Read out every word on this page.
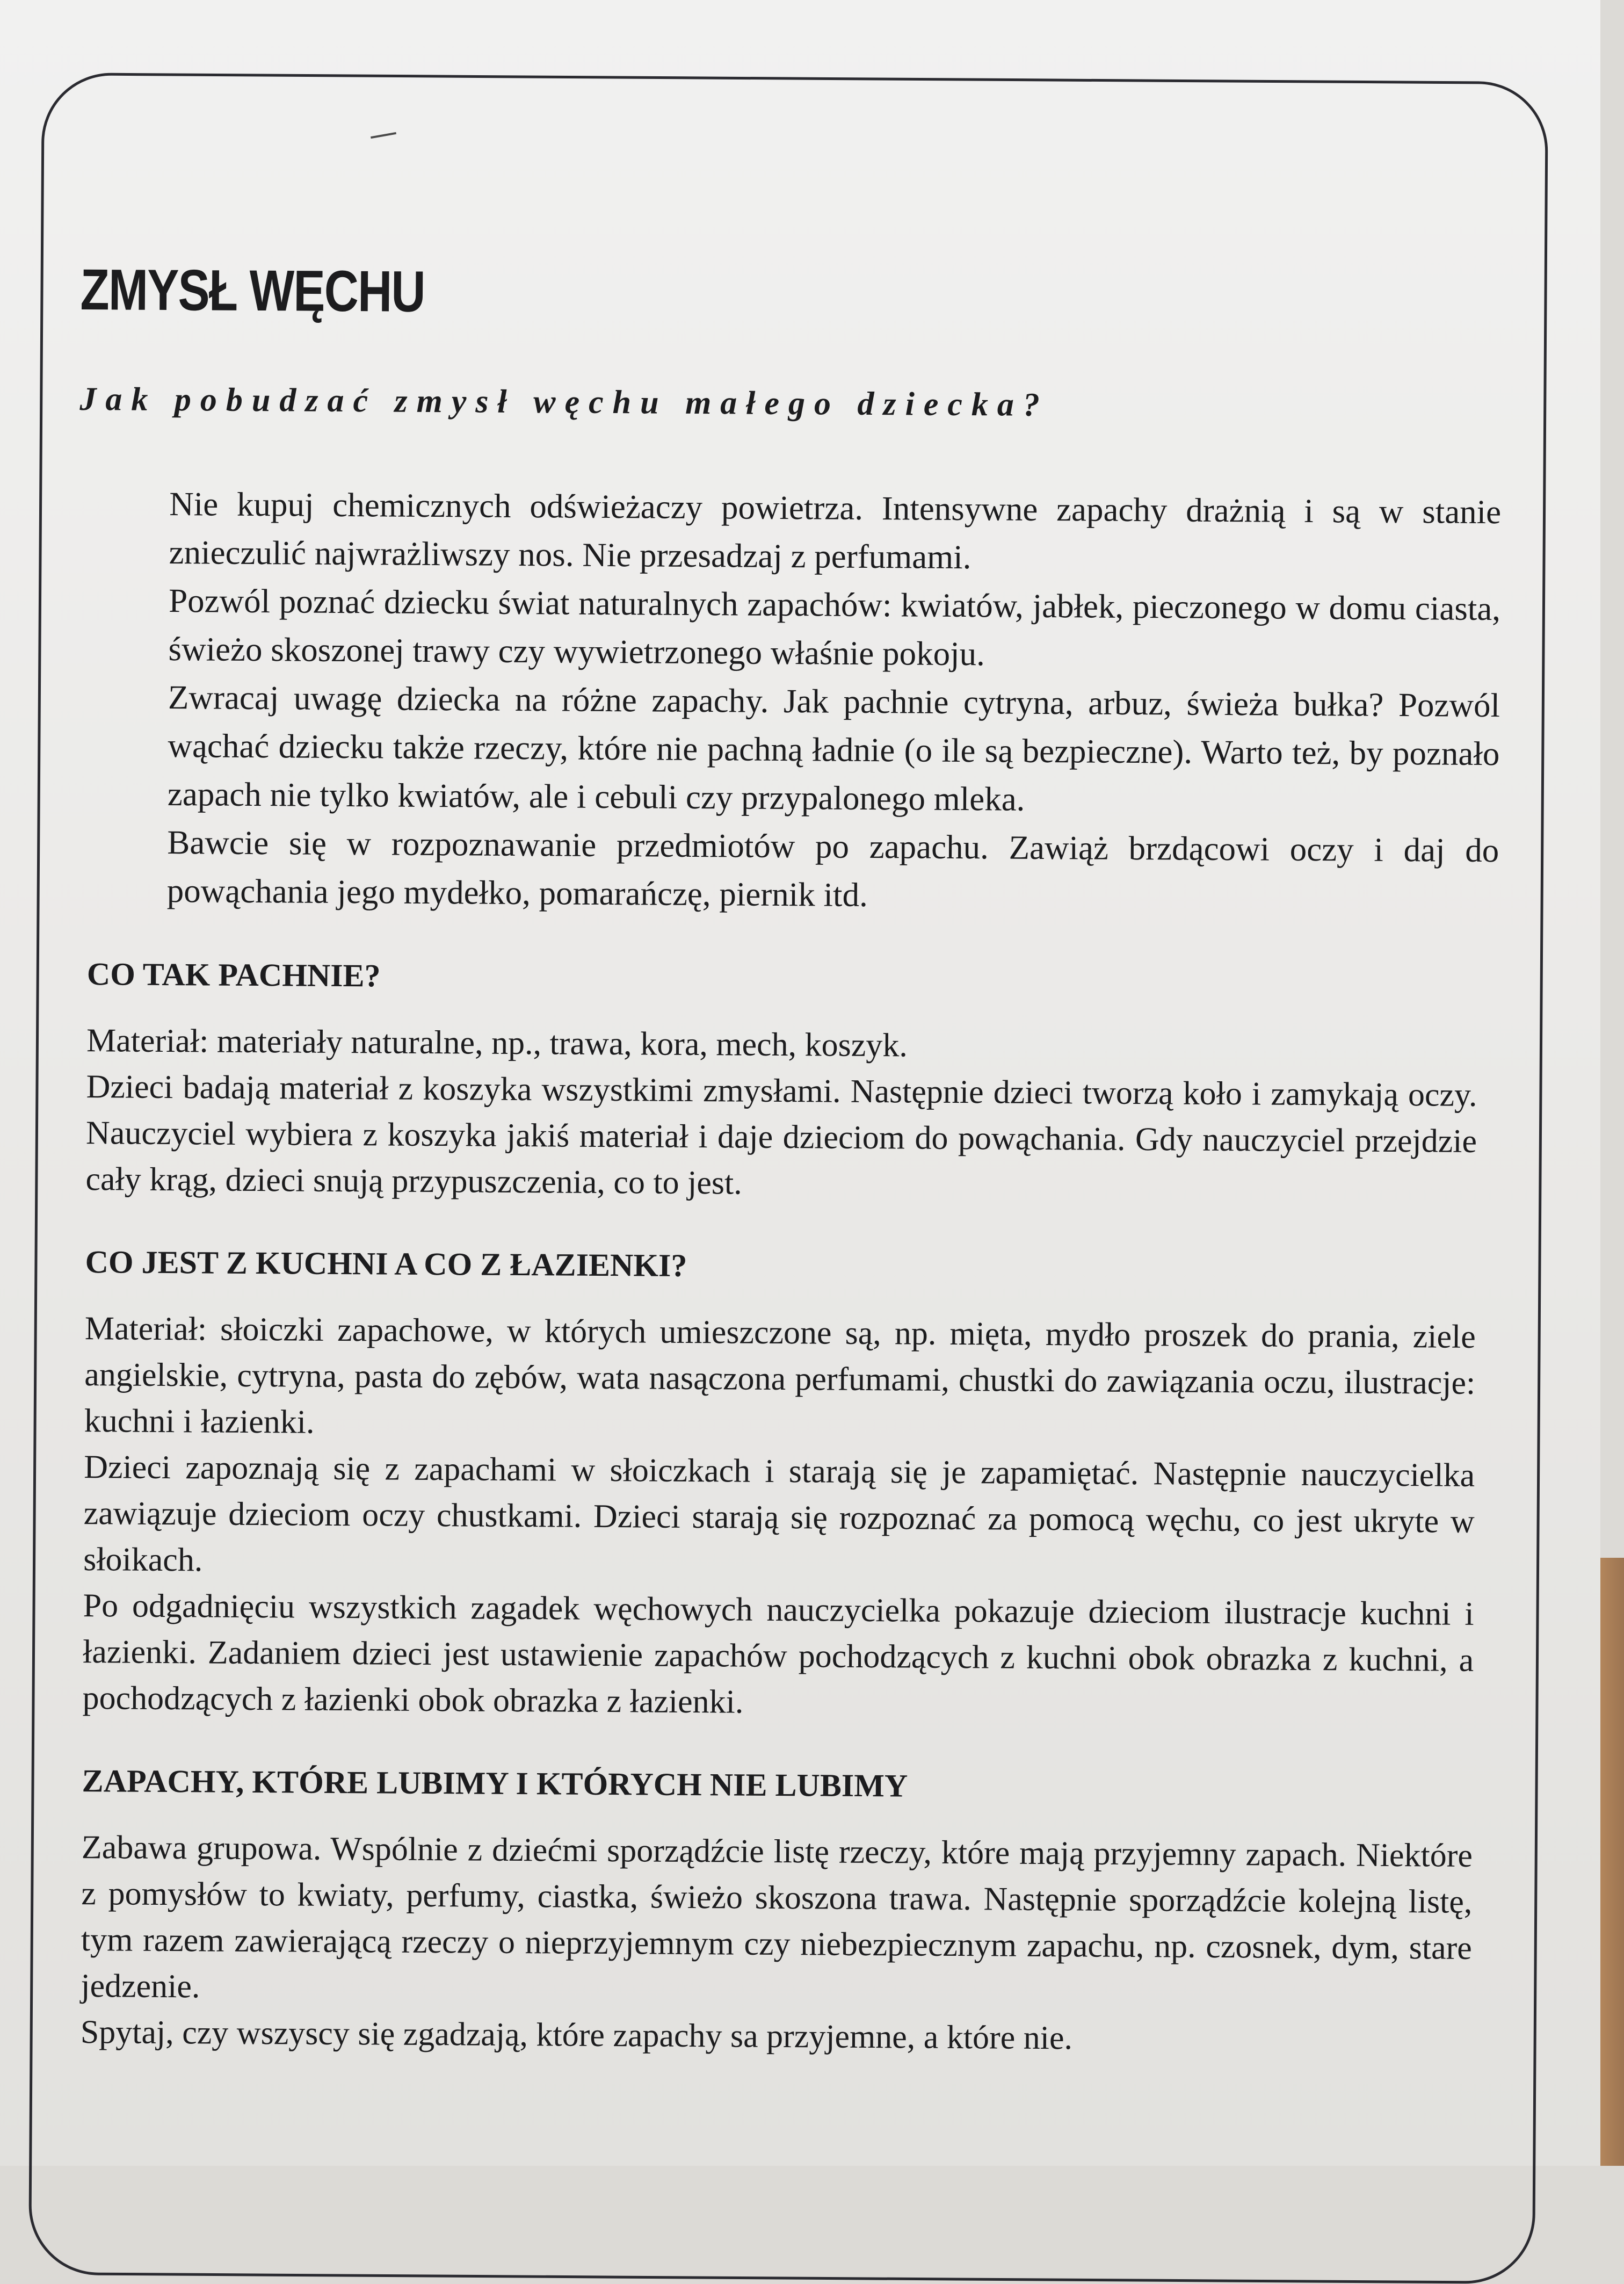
ZMYSŁ WĘCHU
Jak pobudzać zmysł węchu małego dziecka?

Nie kupuj chemicznych odświeżaczy powietrza. Intensywne zapachy drażnią i są w stanie znieczulić najwrażliwszy nos. Nie przesadzaj z perfumami.

Pozwól poznać dziecku świat naturalnych zapachów: kwiatów, jabłek, pieczonego w domu ciasta, świeżo skoszonej trawy czy wywietrzonego właśnie pokoju.

Zwracaj uwagę dziecka na różne zapachy. Jak pachnie cytryna, arbuz, świeża bułka? Pozwól wąchać dziecku także rzeczy, które nie pachną ładnie (o ile są bezpieczne). Warto też, by poznało zapach nie tylko kwiatów, ale i cebuli czy przypalonego mleka.

Bawcie się w rozpoznawanie przedmiotów po zapachu. Zawiąż brzdącowi oczy i daj do powąchania jego mydełko, pomarańczę, piernik itd.

CO TAK PACHNIE?

Materiał: materiały naturalne, np., trawa, kora, mech, koszyk.

Dzieci badają materiał z koszyka wszystkimi zmysłami. Następnie dzieci tworzą koło i zamykają oczy. Nauczyciel wybiera z koszyka jakiś materiał i daje dzieciom do powąchania. Gdy nauczyciel przejdzie cały krąg, dzieci snują przypuszczenia, co to jest.

CO JEST Z KUCHNI A CO Z ŁAZIENKI?

Materiał: słoiczki zapachowe, w których umieszczone są, np. mięta, mydło proszek do prania, ziele angielskie, cytryna, pasta do zębów, wata nasączona perfumami, chustki do zawiązania oczu, ilustracje: kuchni i łazienki.

Dzieci zapoznają się z zapachami w słoiczkach i starają się je zapamiętać. Następnie nauczycielka zawiązuje dzieciom oczy chustkami. Dzieci starają się rozpoznać za pomocą węchu, co jest ukryte w słoikach.

Po odgadnięciu wszystkich zagadek węchowych nauczycielka pokazuje dzieciom ilustracje kuchni i łazienki. Zadaniem dzieci jest ustawienie zapachów pochodzących z kuchni obok obrazka z kuchni, a pochodzących z łazienki obok obrazka z łazienki.

ZAPACHY, KTÓRE LUBIMY I KTÓRYCH NIE LUBIMY

Zabawa grupowa. Wspólnie z dziećmi sporządźcie listę rzeczy, które mają przyjemny zapach. Niektóre z pomysłów to kwiaty, perfumy, ciastka, świeżo skoszona trawa. Następnie sporządźcie kolejną listę, tym razem zawierającą rzeczy o nieprzyjemnym czy niebezpiecznym zapachu, np. czosnek, dym, stare jedzenie.

Spytaj, czy wszyscy się zgadzają, które zapachy sa przyjemne, a które nie.
